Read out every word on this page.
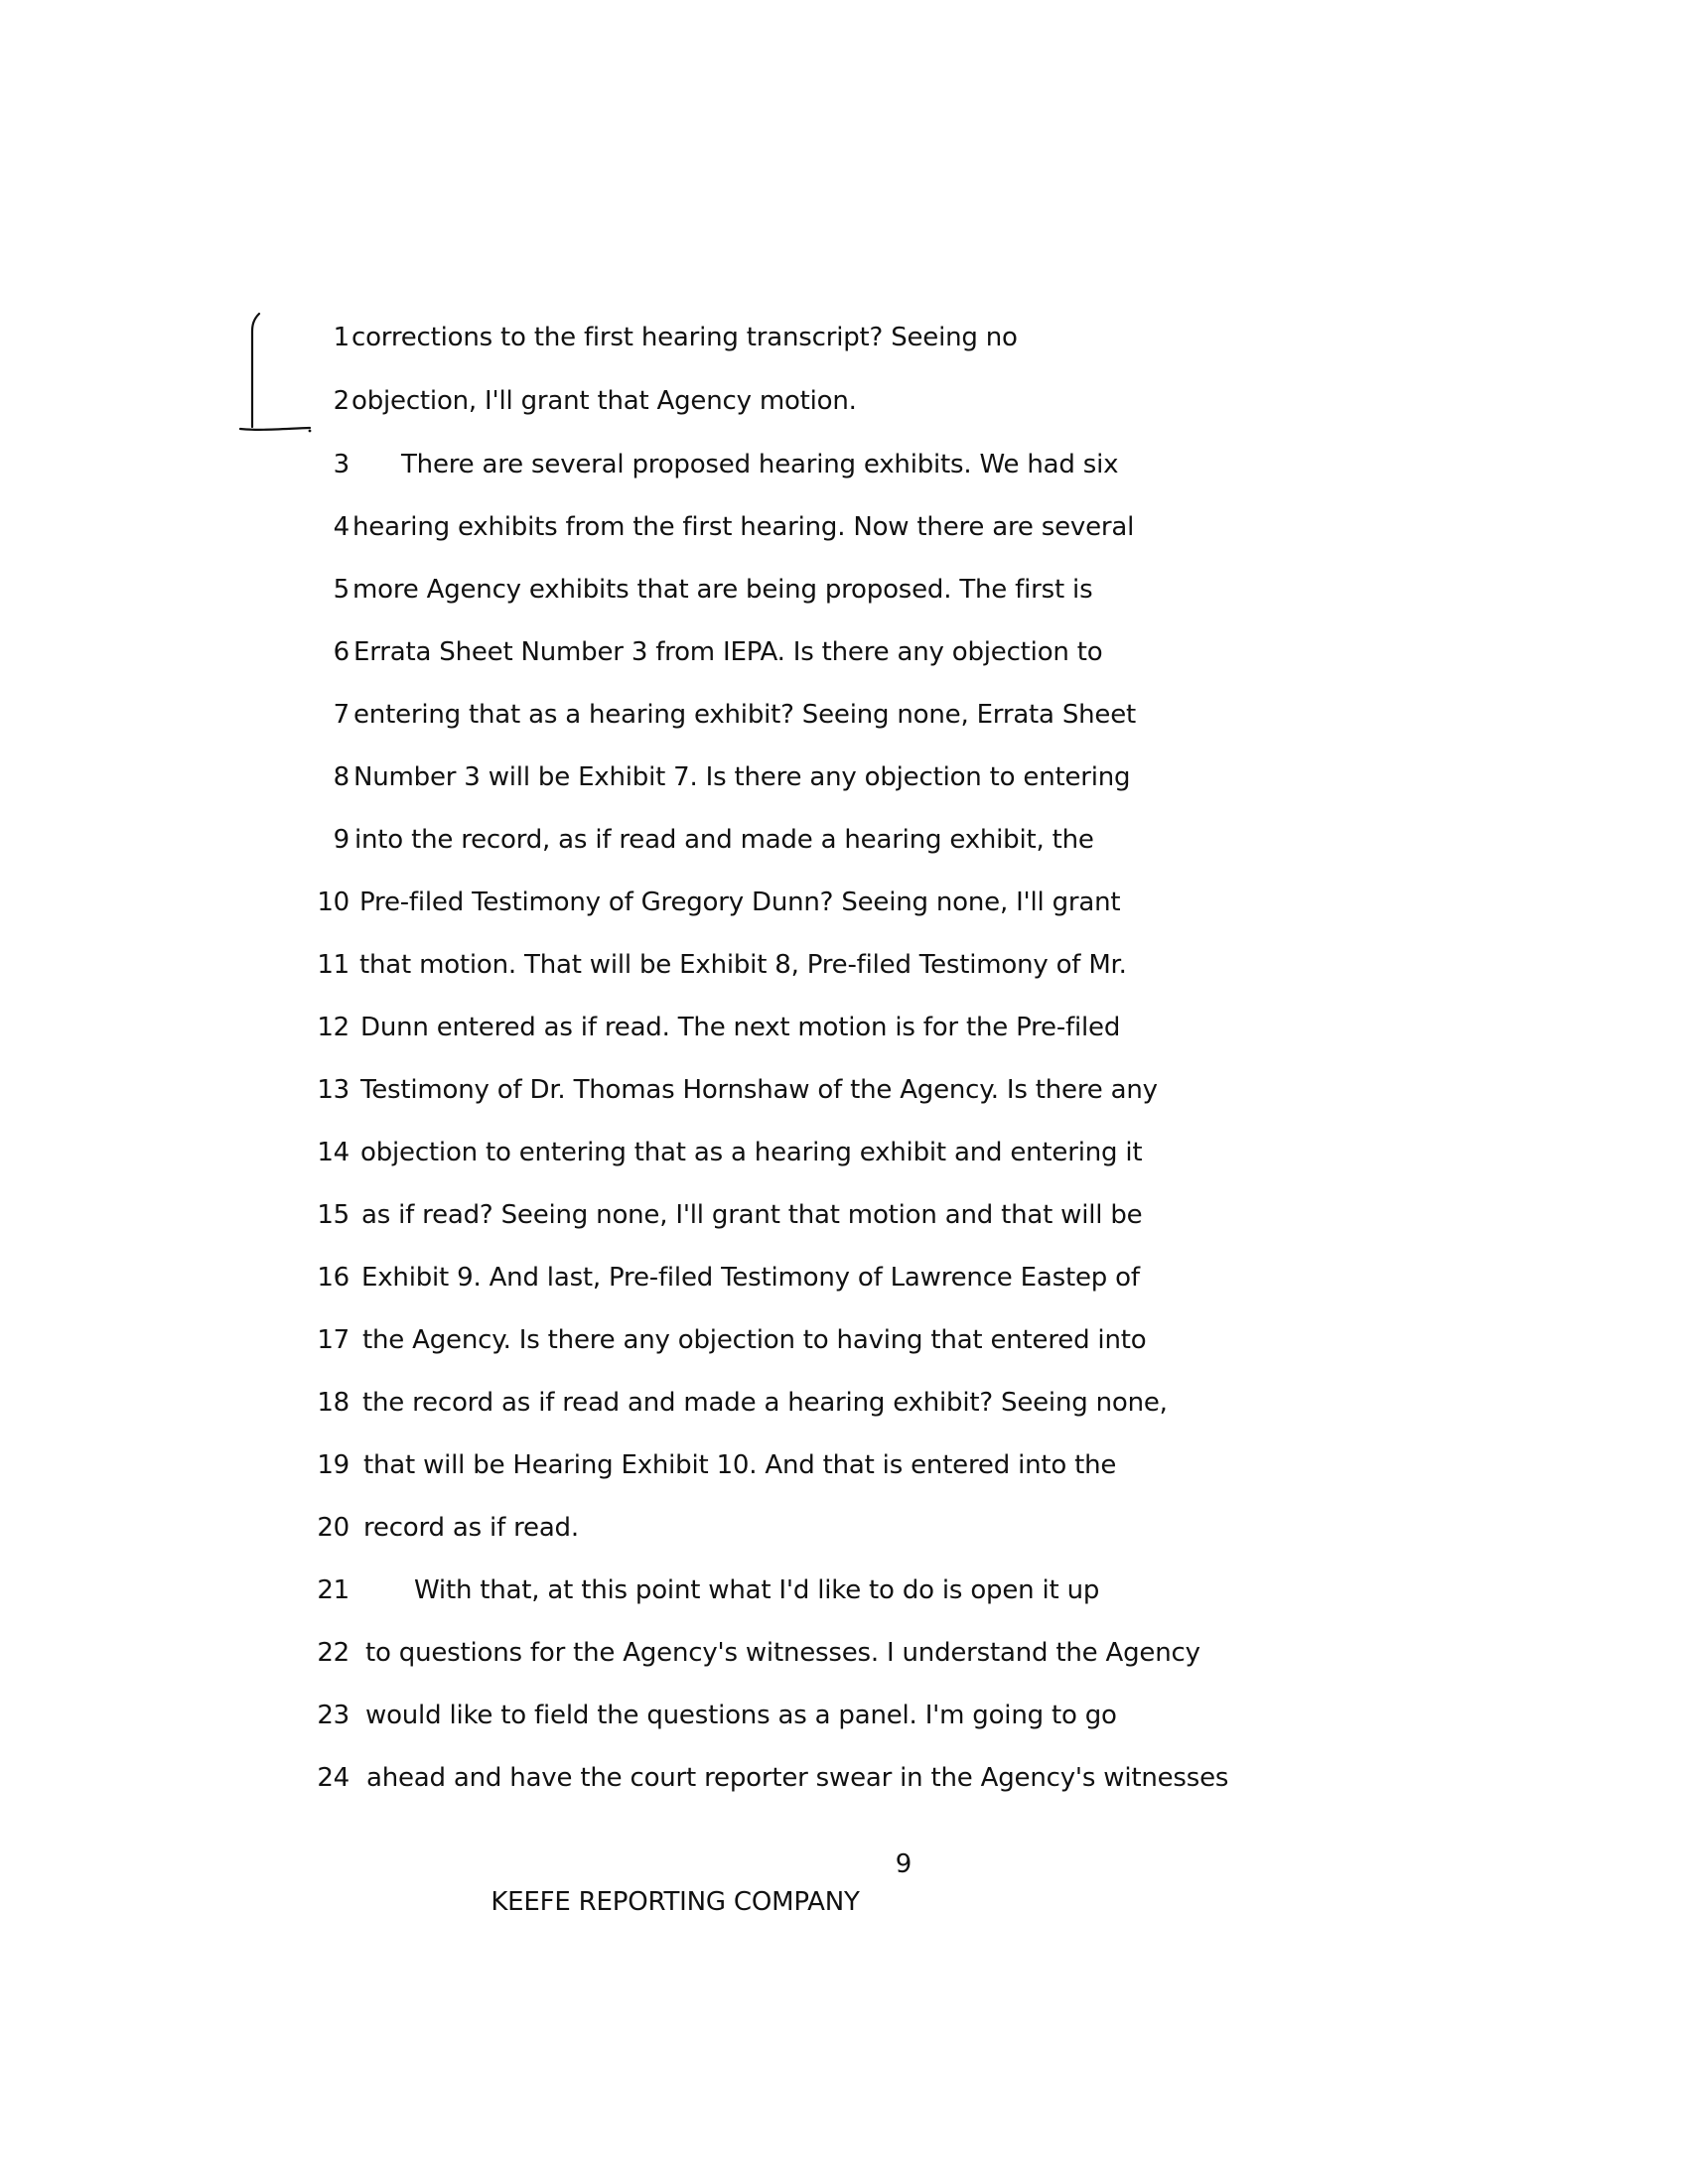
1 corrections to the first hearing transcript? Seeing no
2 objection, I'll grant that Agency motion.
3	There are several proposed hearing exhibits. We had six
4 hearing exhibits from the first hearing. Now there are several
5 more Agency exhibits that are being proposed. The first is
6 Errata Sheet Number 3 from IEPA. Is there any objection to
7 entering that as a hearing exhibit? Seeing none, Errata Sheet
8 Number 3 will be Exhibit 7. Is there any objection to entering
9 into the record, as if read and made a hearing exhibit, the
10 Pre-filed Testimony of Gregory Dunn? Seeing none, I'll grant
11 that motion. That will be Exhibit 8, Pre-filed Testimony of Mr.
12 Dunn entered as if read. The next motion is for the Pre-filed
13 Testimony of Dr. Thomas Hornshaw of the Agency. Is there any
14 objection to entering that as a hearing exhibit and entering it
15 as if read? Seeing none, I'll grant that motion and that will be
16 Exhibit 9. And last, Pre-filed Testimony of Lawrence Eastep of
17 the Agency. Is there any objection to having that entered into
18 the record as if read and made a hearing exhibit? Seeing none,
19 that will be Hearing Exhibit 10. And that is entered into the
20 record as if read.
21	With that, at this point what I'd like to do is open it up
22 to questions for the Agency's witnesses. I understand the Agency
23 would like to field the questions as a panel. I'm going to go
24 ahead and have the court reporter swear in the Agency's witnesses
9
KEEFE REPORTING COMPANY
